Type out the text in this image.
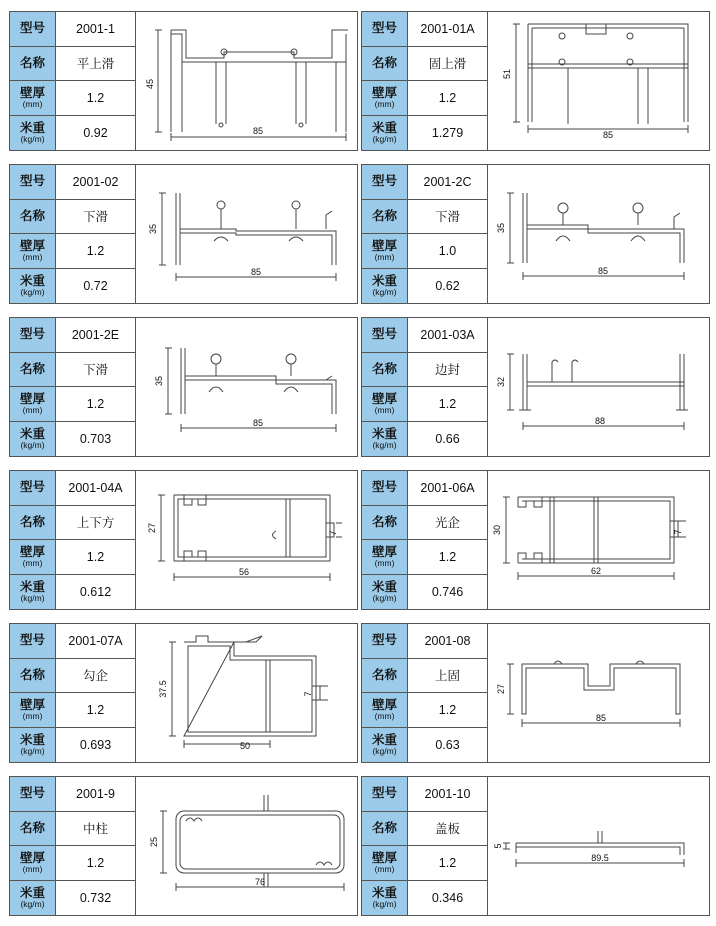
型号	2001-1
名称	平上滑
壁厚
(mm)	1.2
米重
(kg/m)	0.92
45
85
型号	2001-01A
名称	固上滑
壁厚
(mm)	1.2
米重
(kg/m)	1.279
51
85
型号	2001-02
名称	下滑
壁厚
(mm)	1.2
米重
(kg/m)	0.72
35
85
型号	2001-2C
名称	下滑
壁厚
(mm)	1.0
米重
(kg/m)	0.62
35
85
型号	2001-2E
名称	下滑
壁厚
(mm)	1.2
米重
(kg/m)	0.703
35
85
型号	2001-03A
名称	边封
壁厚
(mm)	1.2
米重
(kg/m)	0.66
32
88
型号	2001-04A
名称	上下方
壁厚
(mm)	1.2
米重
(kg/m)	0.612
27
56
7
型号	2001-06A
名称	光企
壁厚
(mm)	1.2
米重
(kg/m)	0.746
30
62
7
型号	2001-07A
名称	勾企
壁厚
(mm)	1.2
米重
(kg/m)	0.693
37.5
50
7
型号	2001-08
名称	上固
壁厚
(mm)	1.2
米重
(kg/m)	0.63
27
85
型号	2001-9
名称	中柱
壁厚
(mm)	1.2
米重
(kg/m)	0.732
25
76
型号	2001-10
名称	盖板
壁厚
(mm)	1.2
米重
(kg/m)	0.346
5
89.5
